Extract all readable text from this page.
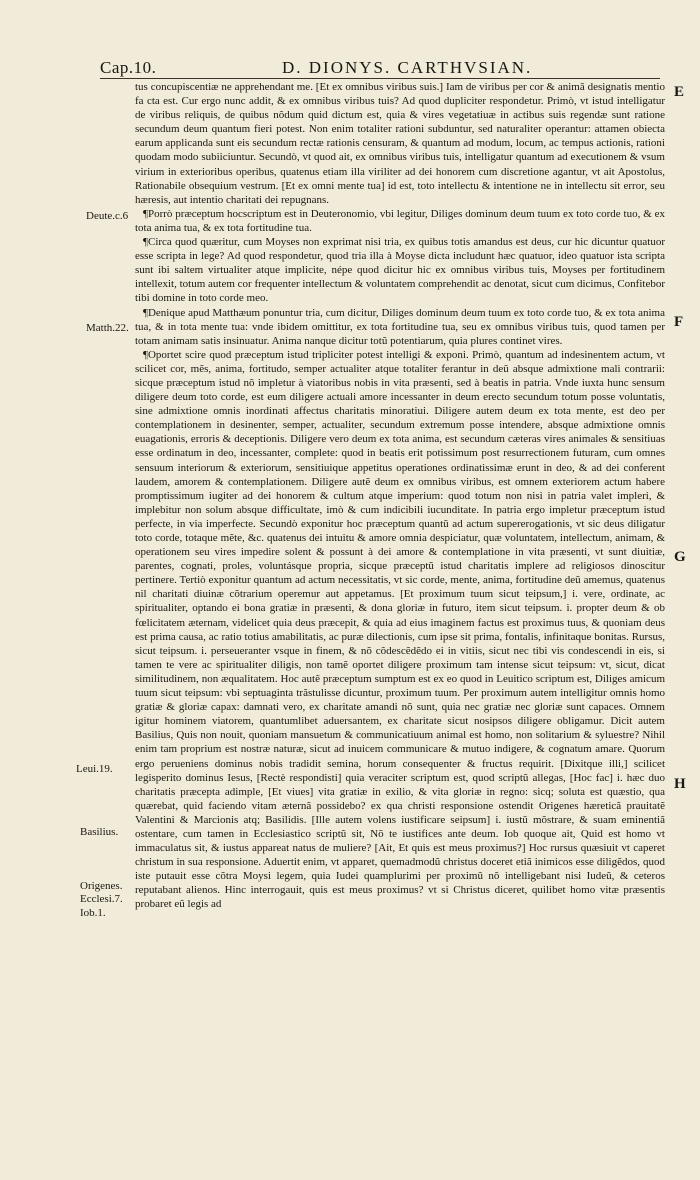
Cap.10.	D. DIONYS. CARTHVSIAN.
Deute.c.6
Matth.22.
Leui.19.
Basilius.
Origenes.
Ecclesi.7.
Iob.1.
E
F
G
H

tus concupiscentiæ ne apprehendant me. [Et ex omnibus viribus suis.] Iam de viribus per cor & animã designatis mentio fa cta est. Cur ergo nunc addit, & ex omnibus viribus tuis? Ad quod dupliciter respondetur. Primò, vt istud intelligatur de viribus reliquis, de quibus nõdum quid dictum est, quia & vires vegetatiuæ in actibus suis regendæ sunt ratione secundum deum quantum fieri potest. Non enim totaliter rationi subduntur, sed naturaliter operantur: attamen obiecta earum applicanda sunt eis secundum rectæ rationis censuram, & quantum ad modum, locum, ac tempus actionis, rationi quodam modo subiiciuntur. Secundò, vt quod ait, ex omnibus viribus tuis, intelligatur quantum ad executionem & vsum virium in exterioribus operibus, quatenus etiam illa viriliter ad dei honorem cum discretione agantur, vt ait Apostolus, Rationabile obsequium vestrum. [Et ex omni mente tua] id est, toto intellectu & intentione ne in intellectu sit error, seu hæresis, aut intentio charitati dei repugnans.

¶Porrò præceptum hocscriptum est in Deuteronomio, vbi legitur, Diliges dominum deum tuum ex toto corde tuo, & ex tota anima tua, & ex tota fortitudine tua.

¶Circa quod quæritur, cum Moyses non exprimat nisi tria, ex quibus totis amandus est deus, cur hic dicuntur quatuor esse scripta in lege? Ad quod respondetur, quod tria illa à Moyse dicta includunt hæc quatuor, ideo quatuor ista scripta sunt ibi saltem virtualiter atque implicite, népe quod dicitur hic ex omnibus viribus tuis, Moyses per fortitudinem intellexit, totum autem cor frequenter intellectum & voluntatem comprehendit ac denotat, sicut cum dicimus, Confitebor tibi domine in toto corde meo.

¶Denique apud Matthæum ponuntur tria, cum dicitur, Diliges dominum deum tuum ex toto corde tuo, & ex tota anima tua, & in tota mente tua: vnde ibidem omittitur, ex tota fortitudine tua, seu ex omnibus viribus tuis, quod tamen per totam animam satis insinuatur. Anima nanque dicitur totũ potentiarum, quia plures continet vires.

¶Oportet scire quod præceptum istud tripliciter potest intelligi & exponi. Primò, quantum ad indesinentem actum, vt scilicet cor, mẽs, anima, fortitudo, semper actualiter atque totaliter ferantur in deũ absque admixtione mali contrarii: sicque præceptum istud nõ impletur à viatoribus nobis in vita præsenti, sed à beatis in patria. Vnde iuxta hunc sensum diligere deum toto corde, est eum diligere actuali amore incessanter in deum erecto secundum totum posse voluntatis, sine admixtione omnis inordinati affectus charitatis minoratiui. Diligere autem deum ex tota mente, est deo per contemplationem in desinenter, semper, actualiter, secundum extremum posse intendere, absque admixtione omnis euagationis, erroris & deceptionis. Diligere vero deum ex tota anima, est secundum cæteras vires animales & sensitiuas esse ordinatum in deo, incessanter, complete: quod in beatis erit potissimum post resurrectionem futuram, cum omnes sensuum interiorum & exteriorum, sensitiuique appetitus operationes ordinatissimæ erunt in deo, & ad dei conferent laudem, amorem & contemplationem. Diligere autẽ deum ex omnibus viribus, est omnem exteriorem actum habere promptissimum iugiter ad dei honorem & cultum atque imperium: quod totum non nisi in patria valet impleri, & implebitur non solum absque difficultate, imò & cum indicibili iucunditate. In patria ergo impletur præceptum istud perfecte, in via imperfecte. Secundò exponitur hoc præceptum quantũ ad actum supererogationis, vt sic deus diligatur toto corde, totaque mẽte, &c. quatenus dei intuitu & amore omnia despiciatur, quæ voluntatem, intellectum, animam, & operationem seu vires impedire solent & possunt à dei amore & contemplatione in vita præsenti, vt sunt diuitiæ, parentes, cognati, proles, voluntásque propria, sicque præceptũ istud charitatis implere ad religiosos dinoscitur pertinere. Tertiò exponitur quantum ad actum necessitatis, vt sic corde, mente, anima, fortitudine deũ amemus, quatenus nil charitati diuinæ cõtrarium operemur aut appetamus. [Et proximum tuum sicut teipsum,] i. vere, ordinate, ac spiritualiter, optando ei bona gratiæ in præsenti, & dona gloriæ in futuro, item sicut teipsum. i. propter deum & ob fœlicitatem æternam, videlicet quia deus præcepit, & quia ad eius imaginem factus est proximus tuus, & quoniam deus est prima causa, ac ratio totius amabilitatis, ac puræ dilectionis, cum ipse sit prima, fontalis, infinitaque bonitas. Rursus, sicut teipsum. i. perseueranter vsque in finem, & nõ cõdescẽdẽdo ei in vitiis, sicut nec tibi vis condescendi in eis, si tamen te vere ac spiritualiter diligis, non tamẽ oportet diligere proximum tam intense sicut teipsum: vt, sicut, dicat similitudinem, non æqualitatem. Hoc autẽ præceptum sumptum est ex eo quod in Leuitico scriptum est, Diliges amicum tuum sicut teipsum: vbi septuaginta trãstulisse dicuntur, proximum tuum. Per proximum autem intelligitur omnis homo gratiæ & gloriæ capax: damnati vero, ex charitate amandi nõ sunt, quia nec gratiæ nec gloriæ sunt capaces. Omnem igitur hominem viatorem, quantumlibet aduersantem, ex charitate sicut nosipsos diligere obligamur. Dicit autem Basilius, Quis non nouit, quoniam mansuetum & communicatiuum animal est homo, non solitarium & syluestre? Nihil enim tam proprium est nostræ naturæ, sicut ad inuicem communicare & mutuo indigere, & cognatum amare. Quorum ergo perueniens dominus nobis tradidit semina, horum consequenter & fructus requirit. [Dixitque illi,] scilicet legisperito dominus Iesus, [Rectè respondisti] quia veraciter scriptum est, quod scriptũ allegas, [Hoc fac] i. hæc duo charitatis præcepta adimple, [Et viues] vita gratiæ in exilio, & vita gloriæ in regno: sicq; soluta est quæstio, qua quærebat, quid faciendo vitam æternã possidebo? ex qua christi responsione ostendit Origenes hæreticã prauitatẽ Valentini & Marcionis atq; Basilidis. [Ille autem volens iustificare seipsum] i. iustũ mõstrare, & suam eminentiã ostentare, cum tamen in Ecclesiastico scriptũ sit, Nõ te iustifices ante deum. Iob quoque ait, Quid est homo vt immaculatus sit, & iustus appareat natus de muliere? [Ait, Et quis est meus proximus?] Hoc rursus quæsiuit vt caperet christum in sua responsione. Aduertit enim, vt apparet, quemadmodũ christus doceret etiã inimicos esse diligẽdos, quod iste putauit esse cõtra Moysi legem, quia Iudei quamplurimi per proximũ nõ intelligebant nisi Iudeũ, & ceteros reputabant alienos. Hinc interrogauit, quis est meus proximus? vt si Christus diceret, quilibet homo vitæ præsentis probaret eũ legis ad
